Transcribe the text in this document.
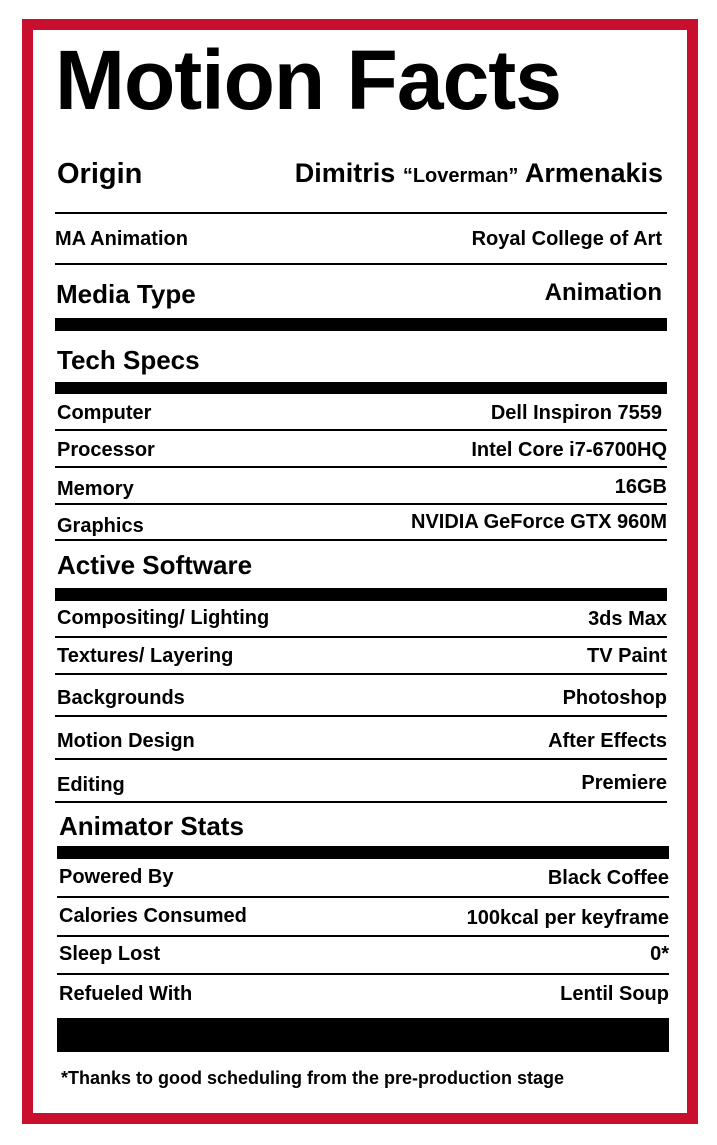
Motion Facts
Origin	Dimitris “Loverman” Armenakis
MA Animation	Royal College of Art
Media Type	Animation
Tech Specs
Computer	Dell Inspiron 7559
Processor	Intel Core i7-6700HQ
Memory	16GB
Graphics	NVIDIA GeForce GTX 960M
Active Software
Compositing/ Lighting	3ds Max
Textures/ Layering	TV Paint
Backgrounds	Photoshop
Motion Design	After Effects
Editing	Premiere
Animator Stats
Powered By	Black Coffee
Calories Consumed	100kcal per keyframe
Sleep Lost	0*
Refueled With	Lentil Soup
*Thanks to good scheduling from the pre-production stage
